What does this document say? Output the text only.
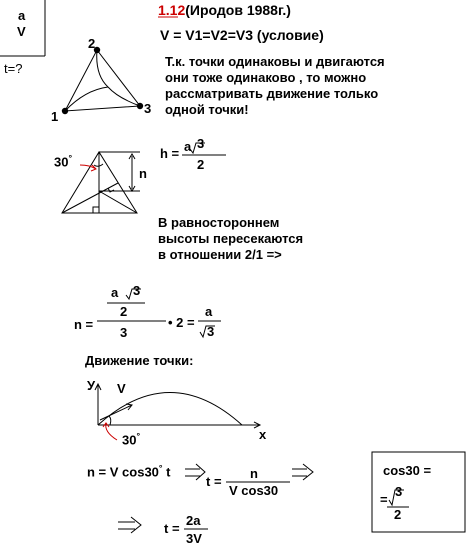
a
V
t=?
1.12(Иродов 1988г.)
V = V1=V2=V3 (условие)
2
1
3
Т.к. точки одинаковы и двигаются
они тоже одинаково , то можно
рассматривать движение только
одной точки!
30°
n
h = a 3
2
В равностороннем
высоты пересекаются
в отношении 2/1 =>
n =
a 3
2
3
• 2 =
a
3
Движение точки:
У V
x
30°
n = V cos30° t
t =
n
V cos30
t =
2a
3V
cos30 =
=
3
2
